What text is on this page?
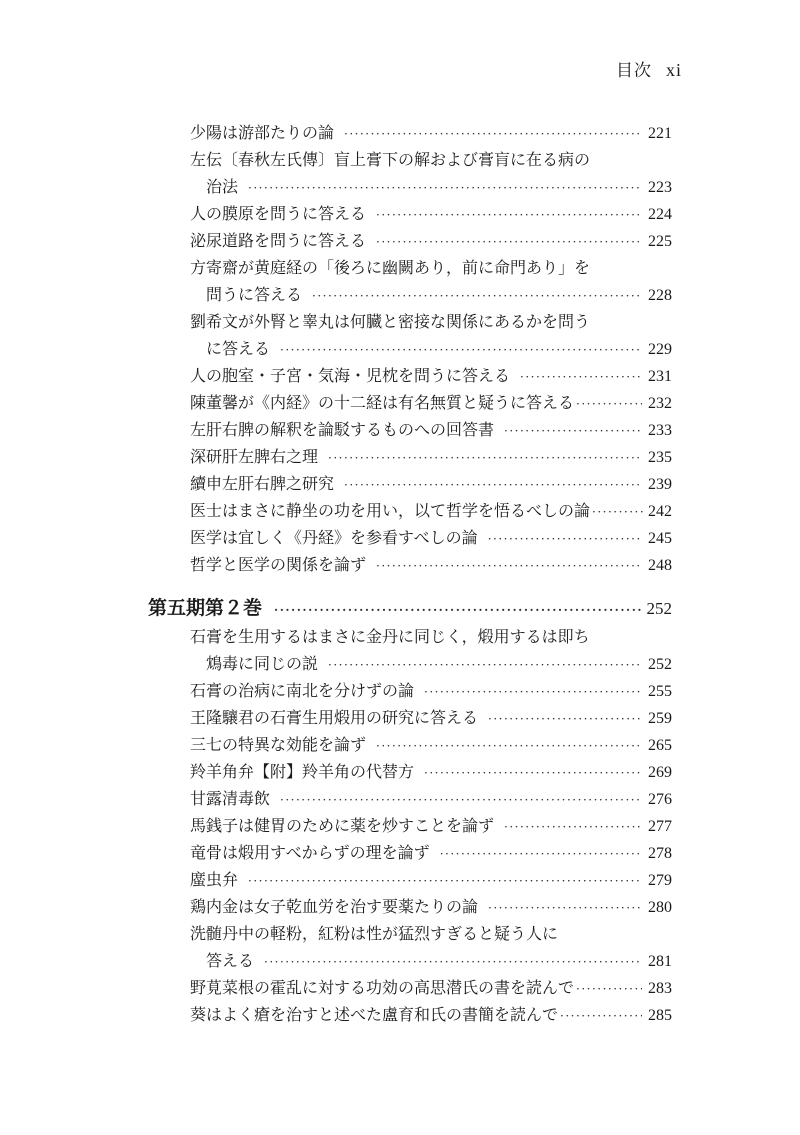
目次 xi
少陽は游部たりの論 ·····	221
左伝〔春秋左氏傳〕盲上膏下の解および膏肓に在る病の
治法 ·····	223
人の膜原を問うに答える ·····	224
泌尿道路を問うに答える ·····	225
方寄齋が黄庭経の「後ろに幽闕あり，前に命門あり」を
問うに答える ·····	228
劉希文が外腎と睾丸は何臓と密接な関係にあるかを問う
に答える ·····	229
人の胞室・子宮・気海・児枕を問うに答える ·····	231
陳董馨が《内経》の十二経は有名無質と疑うに答える ·····	232
左肝右脾の解釈を論駁するものへの回答書 ·····	233
深研肝左脾右之理 ·····	235
續申左肝右脾之研究 ·····	239
医士はまさに静坐の功を用い，以て哲学を悟るべしの論 ·····	242
医学は宜しく《丹経》を参看すべしの論 ·····	245
哲学と医学の関係を論ず ·····	248
第五期第２巻 ·····	252
石膏を生用するはまさに金丹に同じく，煅用するは即ち
鴆毒に同じの説 ·····	252
石膏の治病に南北を分けずの論 ·····	255
王隆驤君の石膏生用煅用の研究に答える ·····	259
三七の特異な効能を論ず ·····	265
羚羊角弁【附】羚羊角の代替方 ·····	269
甘露清毒飲 ·····	276
馬銭子は健胃のために薬を炒すことを論ず ·····	277
竜骨は煅用すべからずの理を論ず ·····	278
䗪虫弁 ·····	279
鶏内金は女子乾血労を治す要薬たりの論 ·····	280
洗髄丹中の軽粉，紅粉は性が猛烈すぎると疑う人に
答える ·····	281
野莧菜根の霍乱に対する功効の高思潜氏の書を読んで ·····	283
葵はよく瘡を治すと述べた盧育和氏の書簡を読んで ·····	285
